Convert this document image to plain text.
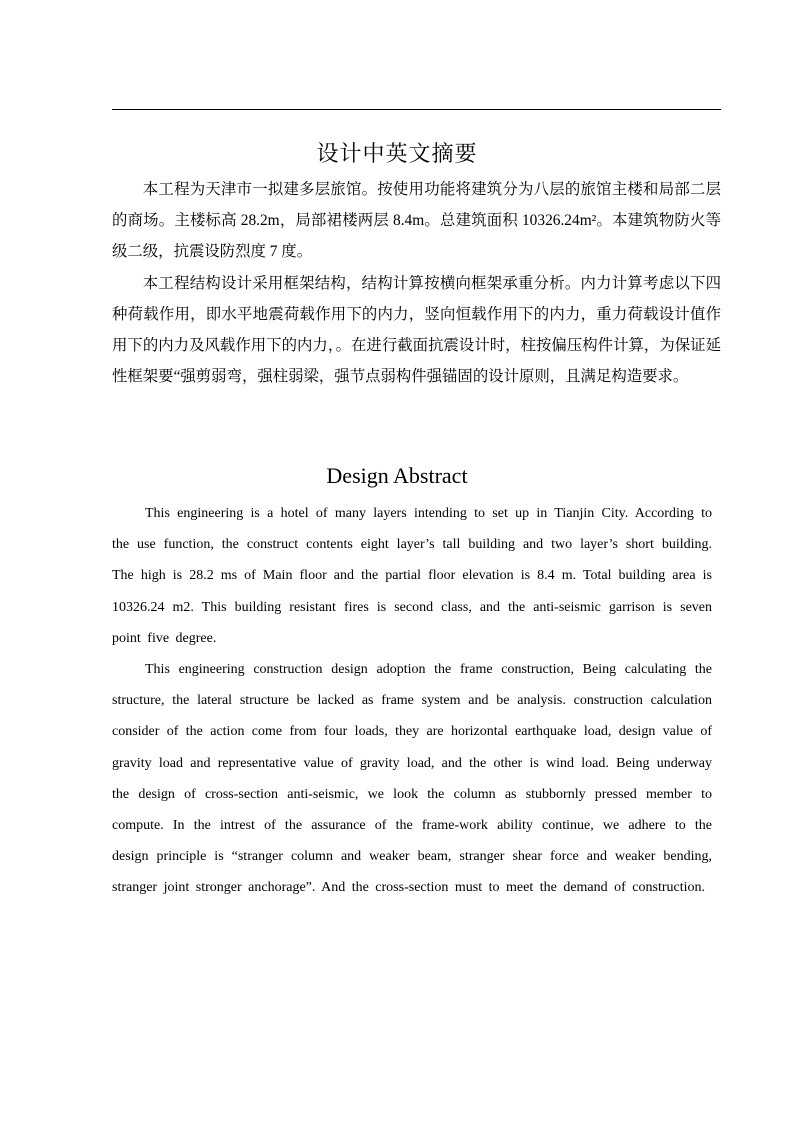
设计中英文摘要

本工程为天津市一拟建多层旅馆。按使用功能将建筑分为八层的旅馆主楼和局部二层的商场。主楼标高 28.2m，局部裙楼两层 8.4m。总建筑面积 10326.24m²。本建筑物防火等级二级，抗震设防烈度 7 度。

本工程结构设计采用框架结构，结构计算按横向框架承重分析。内力计算考虑以下四种荷载作用，即水平地震荷载作用下的内力，竖向恒载作用下的内力，重力荷载设计值作用下的内力及风载作用下的内力，。在进行截面抗震设计时，柱按偏压构件计算，为保证延性框架要“强剪弱弯，强柱弱梁，强节点弱构件强锚固的设计原则，且满足构造要求。

Design Abstract

This engineering is a hotel of many layers intending to set up in Tianjin City. According to the use function, the construct contents eight layer’s tall building and two layer’s short building. The high is 28.2 ms of Main floor and the partial floor elevation is 8.4 m. Total building area is 10326.24 m2. This building resistant fires is second class, and the anti-seismic garrison is seven point five degree.

This engineering construction design adoption the frame construction, Being calculating the structure, the lateral structure be lacked as frame system and be analysis. construction calculation consider of the action come from four loads, they are horizontal earthquake load, design value of gravity load and representative value of gravity load, and the other is wind load. Being underway the design of cross-section anti-seismic, we look the column as stubbornly pressed member to compute. In the intrest of the assurance of the frame-work ability continue, we adhere to the design principle is “stranger column and weaker beam, stranger shear force and weaker bending, stranger joint stronger anchorage”. And the cross-section must to meet the demand of construction.
